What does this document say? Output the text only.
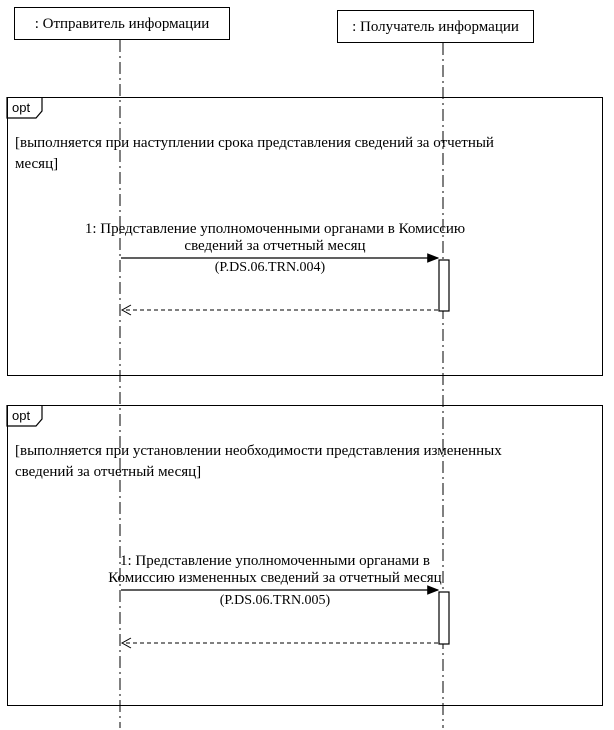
: Отправитель информации	: Получатель информации
opt
[выполняется при наступлении срока представления сведений за отчетный
месяц]
1: Представление уполномоченными органами в Комиссию
сведений за отчетный месяц
(P.DS.06.TRN.004)
opt
[выполняется при установлении необходимости представления измененных
сведений за отчетный месяц]
1: Представление уполномоченными органами в
Комиссию измененных сведений за отчетный месяц
(P.DS.06.TRN.005)
